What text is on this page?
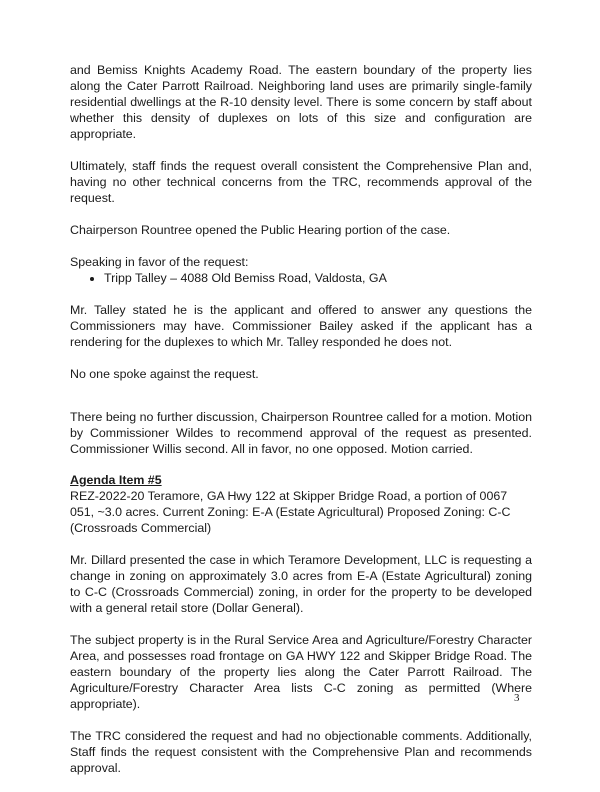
and Bemiss Knights Academy Road. The eastern boundary of the property lies along the Cater Parrott Railroad. Neighboring land uses are primarily single-family residential dwellings at the R-10 density level. There is some concern by staff about whether this density of duplexes on lots of this size and configuration are appropriate.

Ultimately, staff finds the request overall consistent the Comprehensive Plan and, having no other technical concerns from the TRC, recommends approval of the request.

Chairperson Rountree opened the Public Hearing portion of the case.

Speaking in favor of the request:

• Tripp Talley – 4088 Old Bemiss Road, Valdosta, GA

Mr. Talley stated he is the applicant and offered to answer any questions the Commissioners may have. Commissioner Bailey asked if the applicant has a rendering for the duplexes to which Mr. Talley responded he does not.

No one spoke against the request.

There being no further discussion, Chairperson Rountree called for a motion. Motion by Commissioner Wildes to recommend approval of the request as presented. Commissioner Willis second. All in favor, no one opposed. Motion carried.

Agenda Item #5

REZ-2022-20 Teramore, GA Hwy 122 at Skipper Bridge Road, a portion of 0067 051, ~3.0 acres. Current Zoning: E-A (Estate Agricultural) Proposed Zoning: C-C (Crossroads Commercial)

Mr. Dillard presented the case in which Teramore Development, LLC is requesting a change in zoning on approximately 3.0 acres from E-A (Estate Agricultural) zoning to C-C (Crossroads Commercial) zoning, in order for the property to be developed with a general retail store (Dollar General).

The subject property is in the Rural Service Area and Agriculture/Forestry Character Area, and possesses road frontage on GA HWY 122 and Skipper Bridge Road. The eastern boundary of the property lies along the Cater Parrott Railroad. The Agriculture/Forestry Character Area lists C-C zoning as permitted (Where appropriate).

The TRC considered the request and had no objectionable comments. Additionally, Staff finds the request consistent with the Comprehensive Plan and recommends approval.

3
